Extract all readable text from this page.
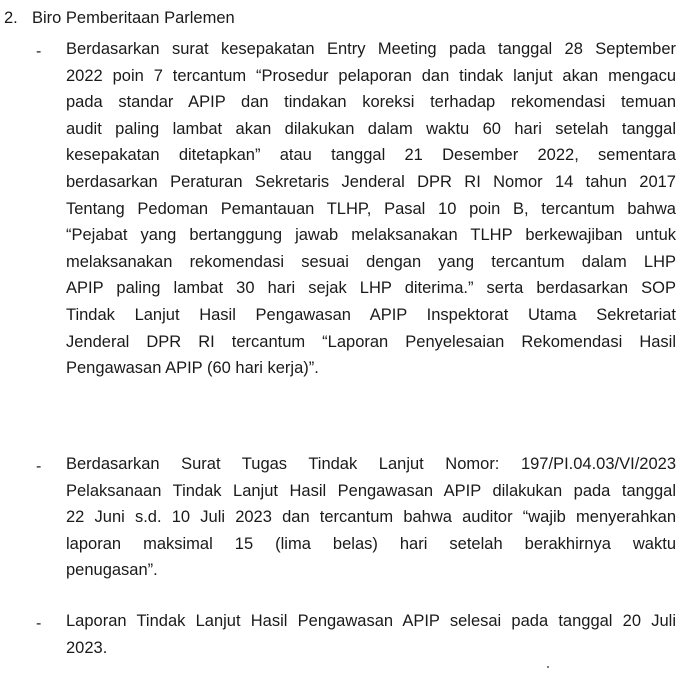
2. Biro Pemberitaan Parlemen
- Berdasarkan surat kesepakatan Entry Meeting pada tanggal 28 September
2022 poin 7 tercantum “Prosedur pelaporan dan tindak lanjut akan mengacu
pada standar APIP dan tindakan koreksi terhadap rekomendasi temuan
audit paling lambat akan dilakukan dalam waktu 60 hari setelah tanggal
kesepakatan ditetapkan” atau tanggal 21 Desember 2022, sementara
berdasarkan Peraturan Sekretaris Jenderal DPR RI Nomor 14 tahun 2017
Tentang Pedoman Pemantauan TLHP, Pasal 10 poin B, tercantum bahwa
“Pejabat yang bertanggung jawab melaksanakan TLHP berkewajiban untuk
melaksanakan rekomendasi sesuai dengan yang tercantum dalam LHP
APIP paling lambat 30 hari sejak LHP diterima.” serta berdasarkan SOP
Tindak Lanjut Hasil Pengawasan APIP Inspektorat Utama Sekretariat
Jenderal DPR RI tercantum “Laporan Penyelesaian Rekomendasi Hasil
Pengawasan APIP (60 hari kerja)”.
- Berdasarkan Surat Tugas Tindak Lanjut Nomor: 197/PI.04.03/VI/2023
Pelaksanaan Tindak Lanjut Hasil Pengawasan APIP dilakukan pada tanggal
22 Juni s.d. 10 Juli 2023 dan tercantum bahwa auditor “wajib menyerahkan
laporan maksimal 15 (lima belas) hari setelah berakhirnya waktu
penugasan”.
- Laporan Tindak Lanjut Hasil Pengawasan APIP selesai pada tanggal 20 Juli
2023.
